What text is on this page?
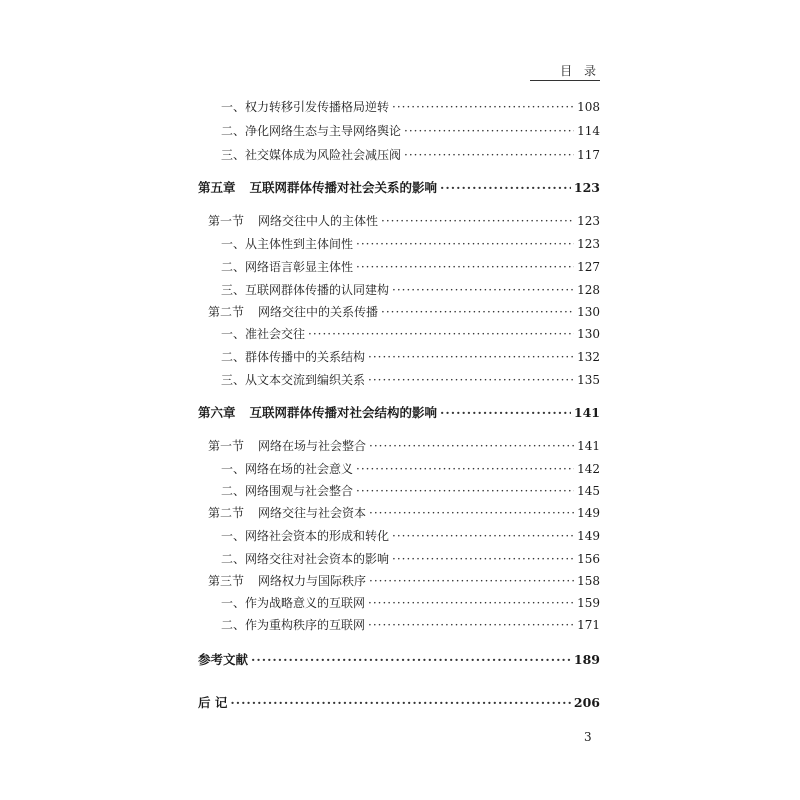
目 录
一、权力转移引发传播格局逆转 ·····	108
二、净化网络生态与主导网络舆论 ·····	114
三、社交媒体成为风险社会减压阀 ·····	117
第五章 互联网群体传播对社会关系的影响 ·····	123
第一节 网络交往中人的主体性 ·····	123
一、从主体性到主体间性 ·····	123
二、网络语言彰显主体性 ·····	127
三、互联网群体传播的认同建构 ·····	128
第二节 网络交往中的关系传播 ·····	130
一、准社会交往 ·····	130
二、群体传播中的关系结构 ·····	132
三、从文本交流到编织关系 ·····	135
第六章 互联网群体传播对社会结构的影响 ·····	141
第一节 网络在场与社会整合 ·····	141
一、网络在场的社会意义 ·····	142
二、网络围观与社会整合 ·····	145
第二节 网络交往与社会资本 ·····	149
一、网络社会资本的形成和转化 ·····	149
二、网络交往对社会资本的影响 ·····	156
第三节 网络权力与国际秩序 ·····	158
一、作为战略意义的互联网 ·····	159
二、作为重构秩序的互联网 ·····	171
参考文献 ·····	189
后 记 ·····	206
3
